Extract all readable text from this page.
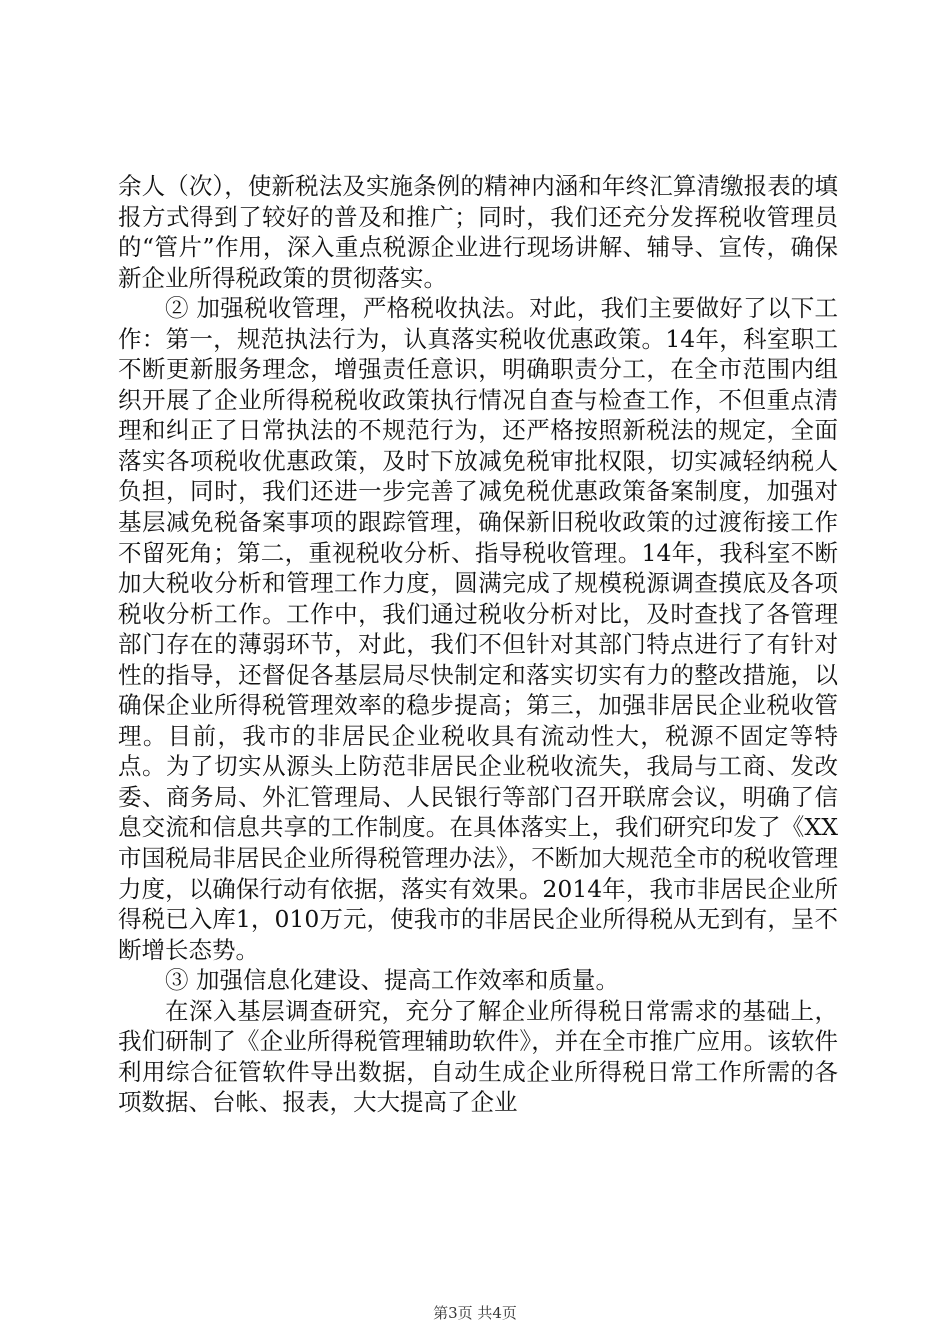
余人（次），使新税法及实施条例的精神内涵和年终汇算清缴报表的填报方式得到了较好的普及和推广；同时，我们还充分发挥税收管理员的“管片”作用，深入重点税源企业进行现场讲解、辅导、宣传，确保新企业所得税政策的贯彻落实。

② 加强税收管理，严格税收执法。对此，我们主要做好了以下工作：第一，规范执法行为，认真落实税收优惠政策。14年，科室职工不断更新服务理念，增强责任意识，明确职责分工，在全市范围内组织开展了企业所得税税收政策执行情况自查与检查工作，不但重点清理和纠正了日常执法的不规范行为，还严格按照新税法的规定，全面落实各项税收优惠政策，及时下放减免税审批权限，切实减轻纳税人负担，同时，我们还进一步完善了减免税优惠政策备案制度，加强对基层减免税备案事项的跟踪管理，确保新旧税收政策的过渡衔接工作不留死角；第二，重视税收分析、指导税收管理。14年，我科室不断加大税收分析和管理工作力度，圆满完成了规模税源调查摸底及各项税收分析工作。工作中，我们通过税收分析对比，及时查找了各管理部门存在的薄弱环节，对此，我们不但针对其部门特点进行了有针对性的指导，还督促各基层局尽快制定和落实切实有力的整改措施，以确保企业所得税管理效率的稳步提高；第三，加强非居民企业税收管理。目前，我市的非居民企业税收具有流动性大，税源不固定等特点。为了切实从源头上防范非居民企业税收流失，我局与工商、发改委、商务局、外汇管理局、人民银行等部门召开联席会议，明确了信息交流和信息共享的工作制度。在具体落实上，我们研究印发了《XX市国税局非居民企业所得税管理办法》，不断加大规范全市的税收管理力度，以确保行动有依据，落实有效果。2014年，我市非居民企业所得税已入库1，010万元，使我市的非居民企业所得税从无到有，呈不断增长态势。

③ 加强信息化建设、提高工作效率和质量。

在深入基层调查研究，充分了解企业所得税日常需求的基础上，我们研制了《企业所得税管理辅助软件》，并在全市推广应用。该软件利用综合征管软件导出数据，自动生成企业所得税日常工作所需的各项数据、台帐、报表，大大提高了企业

第3页 共4页
